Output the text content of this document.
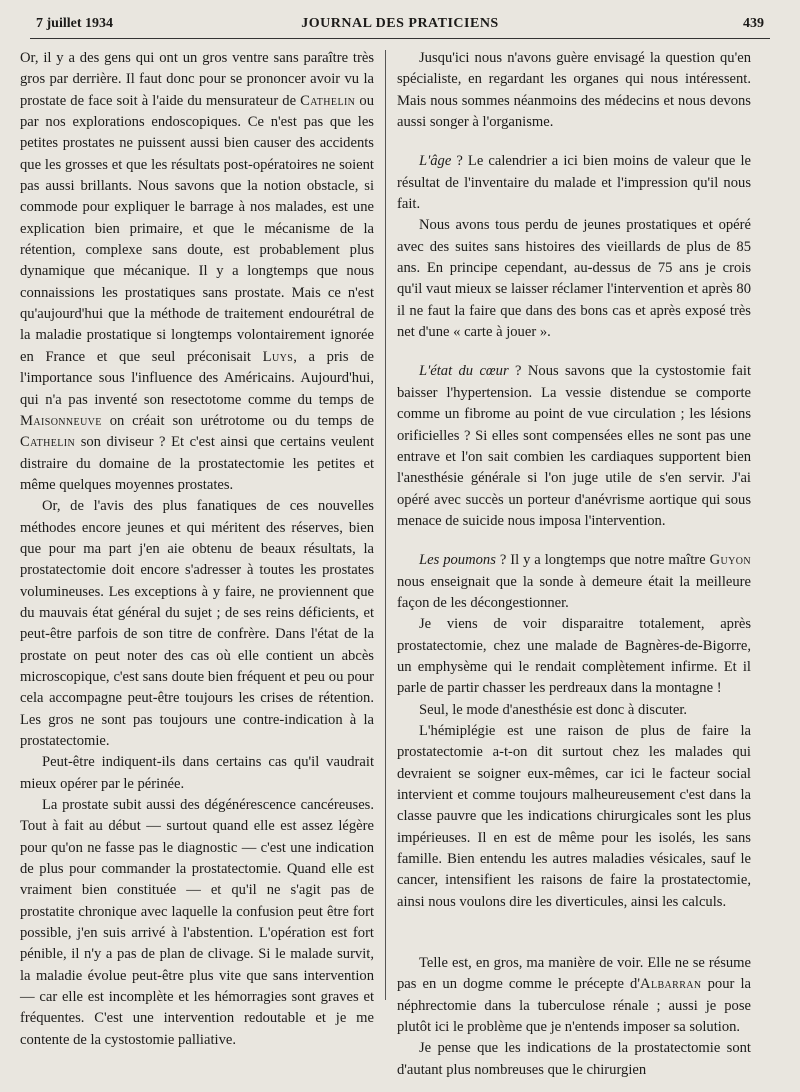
7 juillet 1934	JOURNAL DES PRATICIENS	439

Or, il y a des gens qui ont un gros ventre sans paraître très gros par derrière. Il faut donc pour se prononcer avoir vu la prostate de face soit à l'aide du mensurateur de Cathelin ou par nos explorations endoscopiques. Ce n'est pas que les petites prostates ne puissent aussi bien causer des accidents que les grosses et que les résultats post-opératoires ne soient pas aussi brillants. Nous savons que la notion obstacle, si commode pour expliquer le barrage à nos malades, est une explication bien primaire, et que le mécanisme de la rétention, complexe sans doute, est probablement plus dynamique que mécanique. Il y a longtemps que nous connaissions les prostatiques sans prostate. Mais ce n'est qu'aujourd'hui que la méthode de traitement endourétral de la maladie prostatique si longtemps volontairement ignorée en France et que seul préconisait Luys, a pris de l'importance sous l'influence des Américains. Aujourd'hui, qui n'a pas inventé son resectotome comme du temps de Maisonneuve on créait son urétrotome ou du temps de Cathelin son diviseur ? Et c'est ainsi que certains veulent distraire du domaine de la prostatectomie les petites et même quelques moyennes prostates.

Or, de l'avis des plus fanatiques de ces nouvelles méthodes encore jeunes et qui méritent des réserves, bien que pour ma part j'en aie obtenu de beaux résultats, la prostatectomie doit encore s'adresser à toutes les prostates volumineuses. Les exceptions à y faire, ne proviennent que du mauvais état général du sujet ; de ses reins déficients, et peut-être parfois de son titre de confrère. Dans l'état de la prostate on peut noter des cas où elle contient un abcès microscopique, c'est sans doute bien fréquent et peu ou pour cela accompagne peut-être toujours les crises de rétention. Les gros ne sont pas toujours une contre-indication à la prostatectomie.

Peut-être indiquent-ils dans certains cas qu'il vaudrait mieux opérer par le périnée.

La prostate subit aussi des dégénérescence cancéreuses. Tout à fait au début — surtout quand elle est assez légère pour qu'on ne fasse pas le diagnostic — c'est une indication de plus pour commander la prostatectomie. Quand elle est vraiment bien constituée — et qu'il ne s'agit pas de prostatite chronique avec laquelle la confusion peut être fort possible, j'en suis arrivé à l'abstention. L'opération est fort pénible, il n'y a pas de plan de clivage. Si le malade survit, la maladie évolue peut-être plus vite que sans intervention — car elle est incomplète et les hémorragies sont graves et fréquentes. C'est une intervention redoutable et je me contente de la cystostomie palliative.

Jusqu'ici nous n'avons guère envisagé la question qu'en spécialiste, en regardant les organes qui nous intéressent. Mais nous sommes néanmoins des médecins et nous devons aussi songer à l'organisme.

L'âge ? Le calendrier a ici bien moins de valeur que le résultat de l'inventaire du malade et l'impression qu'il nous fait.

Nous avons tous perdu de jeunes prostatiques et opéré avec des suites sans histoires des vieillards de plus de 85 ans. En principe cependant, au-dessus de 75 ans je crois qu'il vaut mieux se laisser réclamer l'intervention et après 80 il ne faut la faire que dans des bons cas et après exposé très net d'une « carte à jouer ».

L'état du cœur ? Nous savons que la cystostomie fait baisser l'hypertension. La vessie distendue se comporte comme un fibrome au point de vue circulation ; les lésions orificielles ? Si elles sont compensées elles ne sont pas une entrave et l'on sait combien les cardiaques supportent bien l'anesthésie générale si l'on juge utile de s'en servir. J'ai opéré avec succès un porteur d'anévrisme aortique qui sous menace de suicide nous imposa l'intervention.

Les poumons ? Il y a longtemps que notre maître Guyon nous enseignait que la sonde à demeure était la meilleure façon de les décongestionner.

Je viens de voir disparaitre totalement, après prostatectomie, chez une malade de Bagnères-de-Bigorre, un emphysème qui le rendait complètement infirme. Et il parle de partir chasser les perdreaux dans la montagne !

Seul, le mode d'anesthésie est donc à discuter.

L'hémiplégie est une raison de plus de faire la prostatectomie a-t-on dit surtout chez les malades qui devraient se soigner eux-mêmes, car ici le facteur social intervient et comme toujours malheureusement c'est dans la classe pauvre que les indications chirurgicales sont les plus impérieuses. Il en est de même pour les isolés, les sans famille. Bien entendu les autres maladies vésicales, sauf le cancer, intensifient les raisons de faire la prostatectomie, ainsi nous voulons dire les diverticules, ainsi les calculs.

Telle est, en gros, ma manière de voir. Elle ne se résume pas en un dogme comme le précepte d'Albarran pour la néphrectomie dans la tuberculose rénale ; aussi je pose plutôt ici le problème que je n'entends imposer sa solution.

Je pense que les indications de la prostatectomie sont d'autant plus nombreuses que le chirurgien
